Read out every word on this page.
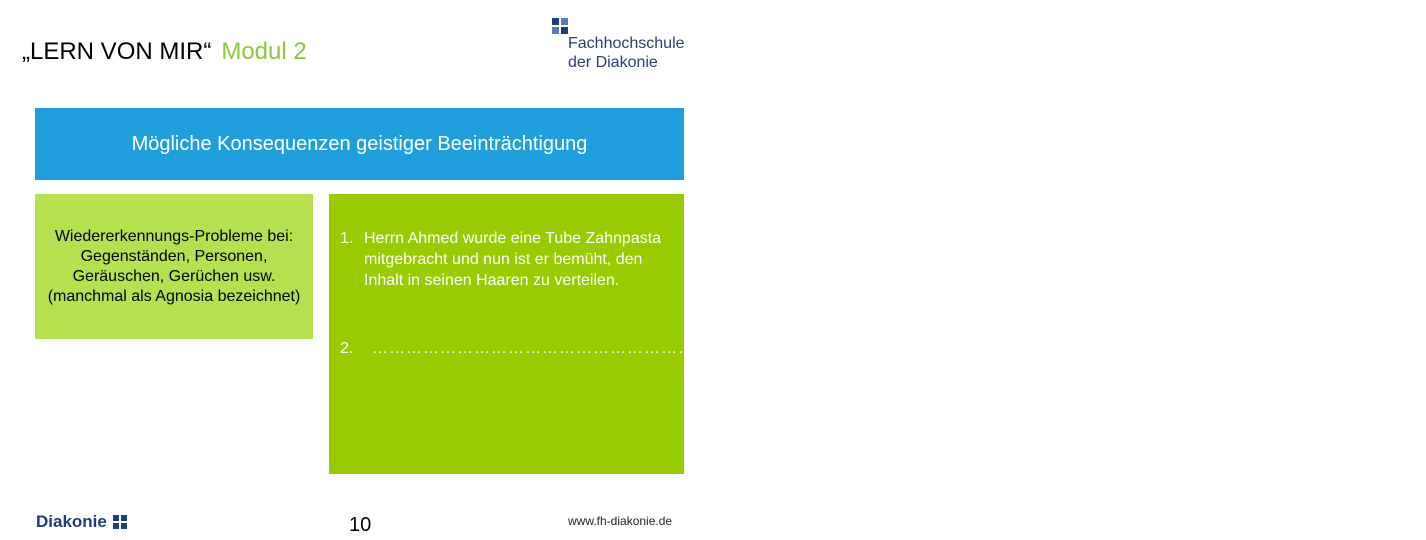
„LERN VON MIR“ Modul 2	Fachhochschule
der Diakonie
Mögliche Konsequenzen geistiger Beeinträchtigung
Wiedererkennungs-Probleme bei: Gegenständen, Personen, Geräuschen, Gerüchen usw. (manchmal als Agnosia bezeichnet)
1. Herrn Ahmed wurde eine Tube Zahnpasta mitgebracht und nun ist er bemüht, den Inhalt in seinen Haaren zu verteilen.
2. ……………………………………………………………………………………………………………………………………………………………………
Diakonie	10	www.fh-diakonie.de
